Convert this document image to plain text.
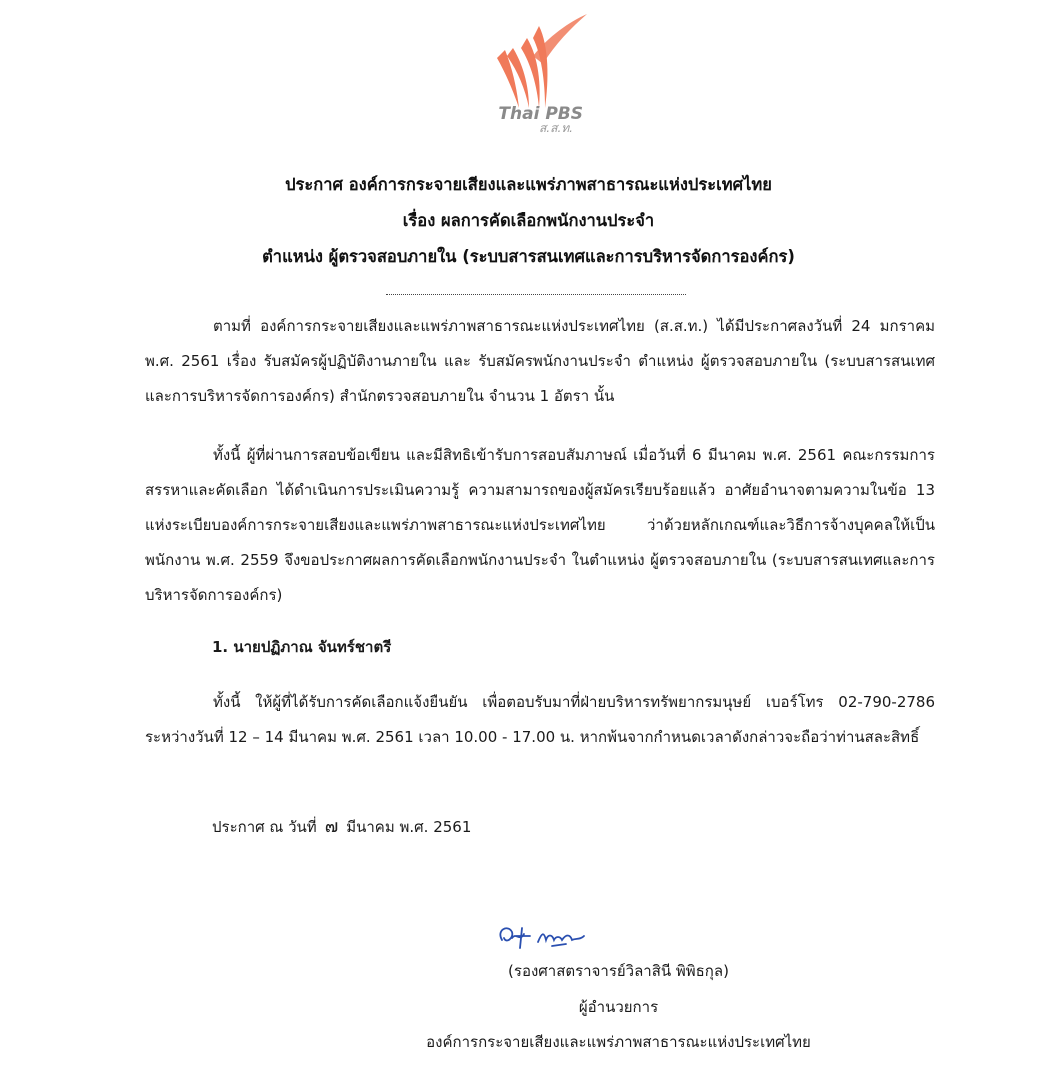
Thai PBS
ส.ส.ท.
ประกาศ องค์การกระจายเสียงและแพร่ภาพสาธารณะแห่งประเทศไทย
เรื่อง ผลการคัดเลือกพนักงานประจำ
ตำแหน่ง ผู้ตรวจสอบภายใน (ระบบสารสนเทศและการบริหารจัดการองค์กร)
ตามที่ องค์การกระจายเสียงและแพร่ภาพสาธารณะแห่งประเทศไทย (ส.ส.ท.) ได้มีประกาศลงวันที่ 24 มกราคม พ.ศ. 2561 เรื่อง รับสมัครผู้ปฏิบัติงานภายใน และ รับสมัครพนักงานประจำ ตำแหน่ง ผู้ตรวจสอบภายใน (ระบบสารสนเทศและการบริหารจัดการองค์กร) สำนักตรวจสอบภายใน จำนวน 1 อัตรา นั้น
ทั้งนี้ ผู้ที่ผ่านการสอบข้อเขียน และมีสิทธิเข้ารับการสอบสัมภาษณ์ เมื่อวันที่ 6 มีนาคม พ.ศ. 2561 คณะกรรมการสรรหาและคัดเลือก ได้ดำเนินการประเมินความรู้ ความสามารถของผู้สมัครเรียบร้อยแล้ว อาศัยอำนาจตามความในข้อ 13 แห่งระเบียบองค์การกระจายเสียงและแพร่ภาพสาธารณะแห่งประเทศไทย ว่าด้วยหลักเกณฑ์และวิธีการจ้างบุคคลให้เป็นพนักงาน พ.ศ. 2559 จึงขอประกาศผลการคัดเลือกพนักงานประจำ ในตำแหน่ง ผู้ตรวจสอบภายใน (ระบบสารสนเทศและการบริหารจัดการองค์กร)
1. นายปฏิภาณ จันทร์ชาตรี
ทั้งนี้ ให้ผู้ที่ได้รับการคัดเลือกแจ้งยืนยัน เพื่อตอบรับมาที่ฝ่ายบริหารทรัพยากรมนุษย์ เบอร์โทร 02-790-2786 ระหว่างวันที่ 12 – 14 มีนาคม พ.ศ. 2561 เวลา 10.00 - 17.00 น. หากพ้นจากกำหนดเวลาดังกล่าวจะถือว่าท่านสละสิทธิ์
ประกาศ ณ วันที่ ๗ มีนาคม พ.ศ. 2561
(รองศาสตราจารย์วิลาสินี พิพิธกุล)
ผู้อำนวยการ
องค์การกระจายเสียงและแพร่ภาพสาธารณะแห่งประเทศไทย
